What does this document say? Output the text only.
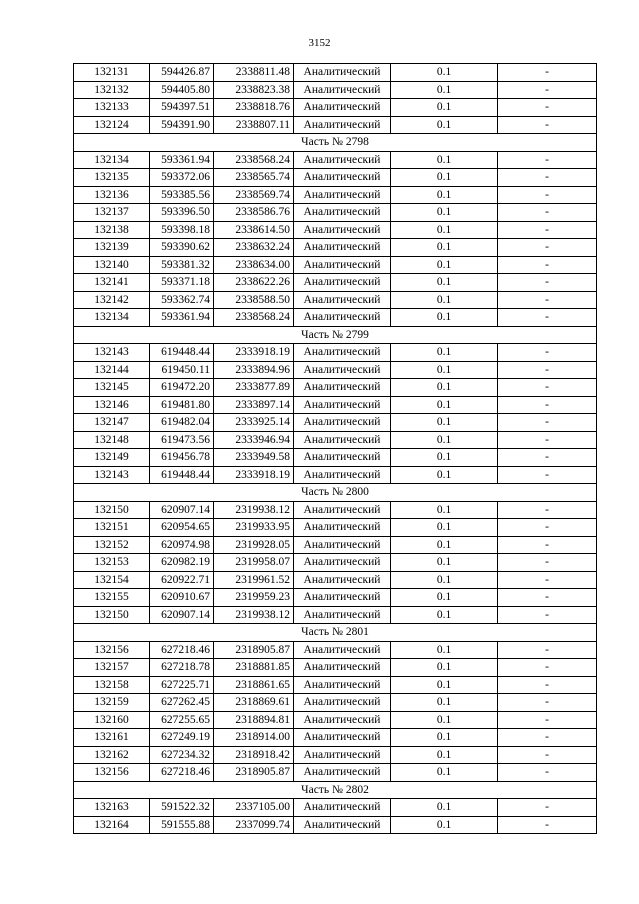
3152
132131	594426.87	2338811.48	Аналитический	0.1	-
132132	594405.80	2338823.38	Аналитический	0.1	-
132133	594397.51	2338818.76	Аналитический	0.1	-
132124	594391.90	2338807.11	Аналитический	0.1	-
Часть № 2798					
132134	593361.94	2338568.24	Аналитический	0.1	-
132135	593372.06	2338565.74	Аналитический	0.1	-
132136	593385.56	2338569.74	Аналитический	0.1	-
132137	593396.50	2338586.76	Аналитический	0.1	-
132138	593398.18	2338614.50	Аналитический	0.1	-
132139	593390.62	2338632.24	Аналитический	0.1	-
132140	593381.32	2338634.00	Аналитический	0.1	-
132141	593371.18	2338622.26	Аналитический	0.1	-
132142	593362.74	2338588.50	Аналитический	0.1	-
132134	593361.94	2338568.24	Аналитический	0.1	-
Часть № 2799					
132143	619448.44	2333918.19	Аналитический	0.1	-
132144	619450.11	2333894.96	Аналитический	0.1	-
132145	619472.20	2333877.89	Аналитический	0.1	-
132146	619481.80	2333897.14	Аналитический	0.1	-
132147	619482.04	2333925.14	Аналитический	0.1	-
132148	619473.56	2333946.94	Аналитический	0.1	-
132149	619456.78	2333949.58	Аналитический	0.1	-
132143	619448.44	2333918.19	Аналитический	0.1	-
Часть № 2800					
132150	620907.14	2319938.12	Аналитический	0.1	-
132151	620954.65	2319933.95	Аналитический	0.1	-
132152	620974.98	2319928.05	Аналитический	0.1	-
132153	620982.19	2319958.07	Аналитический	0.1	-
132154	620922.71	2319961.52	Аналитический	0.1	-
132155	620910.67	2319959.23	Аналитический	0.1	-
132150	620907.14	2319938.12	Аналитический	0.1	-
Часть № 2801					
132156	627218.46	2318905.87	Аналитический	0.1	-
132157	627218.78	2318881.85	Аналитический	0.1	-
132158	627225.71	2318861.65	Аналитический	0.1	-
132159	627262.45	2318869.61	Аналитический	0.1	-
132160	627255.65	2318894.81	Аналитический	0.1	-
132161	627249.19	2318914.00	Аналитический	0.1	-
132162	627234.32	2318918.42	Аналитический	0.1	-
132156	627218.46	2318905.87	Аналитический	0.1	-
Часть № 2802					
132163	591522.32	2337105.00	Аналитический	0.1	-
132164	591555.88	2337099.74	Аналитический	0.1	-
